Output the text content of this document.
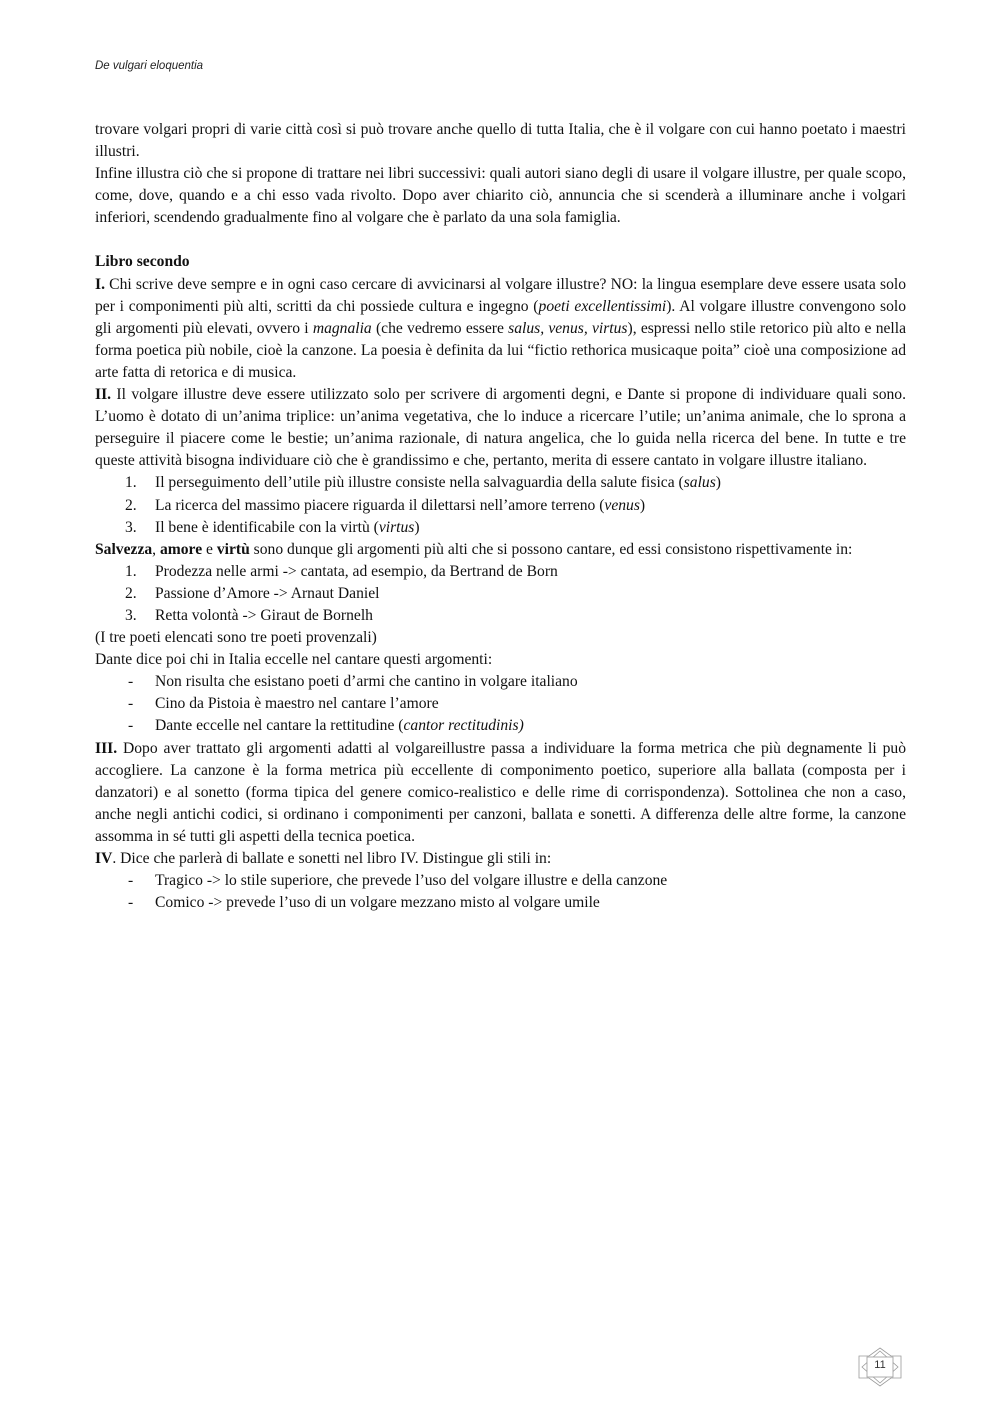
De vulgari eloquentia

trovare volgari propri di varie città così si può trovare anche quello di tutta Italia, che è il volgare con cui hanno poetato i maestri illustri.

Infine illustra ciò che si propone di trattare nei libri successivi: quali autori siano degli di usare il volgare illustre, per quale scopo, come, dove, quando e a chi esso vada rivolto. Dopo aver chiarito ciò, annuncia che si scenderà a illuminare anche i volgari inferiori, scendendo gradualmente fino al volgare che è parlato da una sola famiglia.

Libro secondo

I. Chi scrive deve sempre e in ogni caso cercare di avvicinarsi al volgare illustre? NO: la lingua esemplare deve essere usata solo per i componimenti più alti, scritti da chi possiede cultura e ingegno (poeti excellentissimi). Al volgare illustre convengono solo gli argomenti più elevati, ovvero i magnalia (che vedremo essere salus, venus, virtus), espressi nello stile retorico più alto e nella forma poetica più nobile, cioè la canzone. La poesia è definita da lui “fictio rethorica musicaque poita” cioè una composizione ad arte fatta di retorica e di musica.

II. Il volgare illustre deve essere utilizzato solo per scrivere di argomenti degni, e Dante si propone di individuare quali sono. L’uomo è dotato di un’anima triplice: un’anima vegetativa, che lo induce a ricercare l’utile; un’anima animale, che lo sprona a perseguire il piacere come le bestie; un’anima razionale, di natura angelica, che lo guida nella ricerca del bene. In tutte e tre queste attività bisogna individuare ciò che è grandissimo e che, pertanto, merita di essere cantato in volgare illustre italiano.

1. Il perseguimento dell’utile più illustre consiste nella salvaguardia della salute fisica (salus)
2. La ricerca del massimo piacere riguarda il dilettarsi nell’amore terreno (venus)
3. Il bene è identificabile con la virtù (virtus)

Salvezza, amore e virtù sono dunque gli argomenti più alti che si possono cantare, ed essi consistono rispettivamente in:

1. Prodezza nelle armi -> cantata, ad esempio, da Bertrand de Born
2. Passione d’Amore -> Arnaut Daniel
3. Retta volontà -> Giraut de Bornelh

(I tre poeti elencati sono tre poeti provenzali)

Dante dice poi chi in Italia eccelle nel cantare questi argomenti:

- Non risulta che esistano poeti d’armi che cantino in volgare italiano
- Cino da Pistoia è maestro nel cantare l’amore
- Dante eccelle nel cantare la rettitudine (cantor rectitudinis)

III. Dopo aver trattato gli argomenti adatti al volgareillustre passa a individuare la forma metrica che più degnamente li può accogliere. La canzone è la forma metrica più eccellente di componimento poetico, superiore alla ballata (composta per i danzatori) e al sonetto (forma tipica del genere comico-realistico e delle rime di corrispondenza). Sottolinea che non a caso, anche negli antichi codici, si ordinano i componimenti per canzoni, ballata e sonetti. A differenza delle altre forme, la canzone assomma in sé tutti gli aspetti della tecnica poetica.

IV. Dice che parlerà di ballate e sonetti nel libro IV. Distingue gli stili in:

- Tragico -> lo stile superiore, che prevede l’uso del volgare illustre e della canzone
- Comico -> prevede l’uso di un volgare mezzano misto al volgare umile
11
